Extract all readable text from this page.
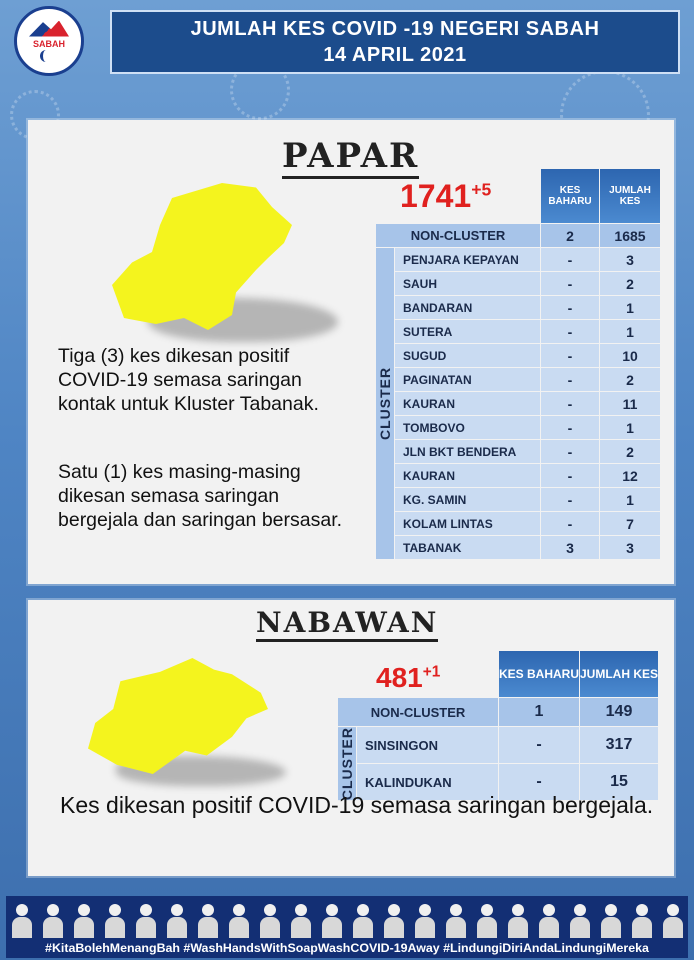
SABAH
JUMLAH KES COVID -19 NEGERI SABAH
14 APRIL 2021
PAPAR
$1741^{+5}$
		KES BAHARU	JUMLAH KES
NON-CLUSTER		2	1685
CLUSTER	PENJARA KEPAYAN	-	3
	SAUH	-	2
	BANDARAN	-	1
	SUTERA	-	1
	SUGUD	-	10
	PAGINATAN	-	2
	KAURAN	-	11
	TOMBOVO	-	1
	JLN BKT BENDERA	-	2
	KAURAN	-	12
	KG. SAMIN	-	1
	KOLAM LINTAS	-	7
	TABANAK	3	3
Tiga (3) kes dikesan positif COVID-19 semasa saringan kontak untuk Kluster Tabanak.
Satu (1) kes masing-masing dikesan semasa saringan bergejala dan saringan bersasar.
NABAWAN
$481^{+1}$
		KES BAHARU	JUMLAH KES
NON-CLUSTER		1	149
CLUSTER	SINSINGON	-	317
	KALINDUKAN	-	15
Kes dikesan positif COVID-19 semasa saringan bergejala.
#KitaBolehMenangBah #WashHandsWithSoapWashCOVID-19Away #LindungiDiriAndaLindungiMereka
